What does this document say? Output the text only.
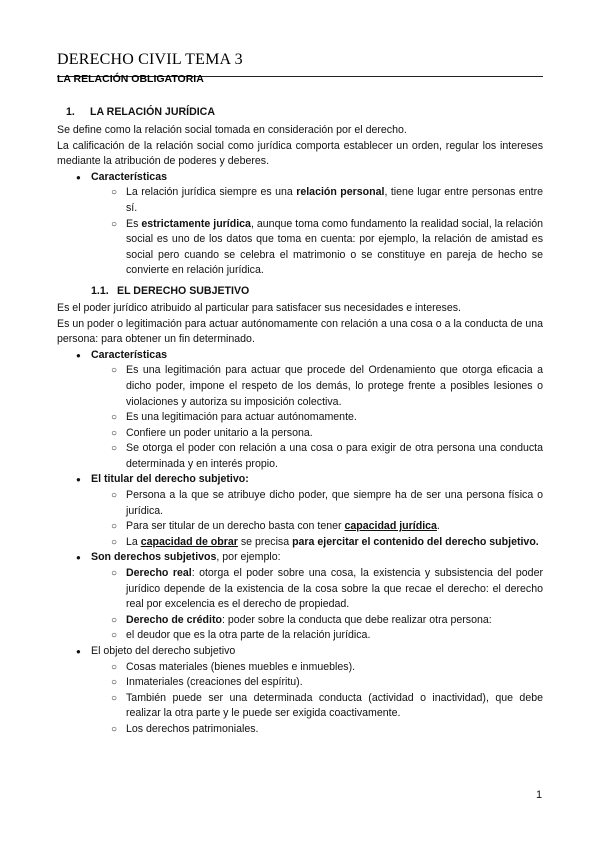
DERECHO CIVIL TEMA 3
LA RELACIÓN OBLIGATORIA
1. LA RELACIÓN JURÍDICA

Se define como la relación social tomada en consideración por el derecho.

La calificación de la relación social como jurídica comporta establecer un orden, regular los intereses mediante la atribución de poderes y deberes.

● Características
○ La relación jurídica siempre es una relación personal, tiene lugar entre personas entre sí.
○ Es estrictamente jurídica, aunque toma como fundamento la realidad social, la relación social es uno de los datos que toma en cuenta: por ejemplo, la relación de amistad es social pero cuando se celebra el matrimonio o se constituye en pareja de hecho se convierte en relación jurídica.
1.1. EL DERECHO SUBJETIVO

Es el poder jurídico atribuido al particular para satisfacer sus necesidades e intereses.

Es un poder o legitimación para actuar autónomamente con relación a una cosa o a la conducta de una persona: para obtener un fin determinado.

● Características
○ Es una legitimación para actuar que procede del Ordenamiento que otorga eficacia a dicho poder, impone el respeto de los demás, lo protege frente a posibles lesiones o violaciones y autoriza su imposición colectiva.
○ Es una legitimación para actuar autónomamente.
○ Confiere un poder unitario a la persona.
○ Se otorga el poder con relación a una cosa o para exigir de otra persona una conducta determinada y en interés propio.
● El titular del derecho subjetivo:
○ Persona a la que se atribuye dicho poder, que siempre ha de ser una persona física o jurídica.
○ Para ser titular de un derecho basta con tener capacidad jurídica.
○ La capacidad de obrar se precisa para ejercitar el contenido del derecho subjetivo.
● Son derechos subjetivos, por ejemplo:
○ Derecho real: otorga el poder sobre una cosa, la existencia y subsistencia del poder jurídico depende de la existencia de la cosa sobre la que recae el derecho: el derecho real por excelencia es el derecho de propiedad.
○ Derecho de crédito: poder sobre la conducta que debe realizar otra persona:
○ el deudor que es la otra parte de la relación jurídica.
● El objeto del derecho subjetivo
○ Cosas materiales (bienes muebles e inmuebles).
○ Inmateriales (creaciones del espíritu).
○ También puede ser una determinada conducta (actividad o inactividad), que debe realizar la otra parte y le puede ser exigida coactivamente.
○ Los derechos patrimoniales.
1
